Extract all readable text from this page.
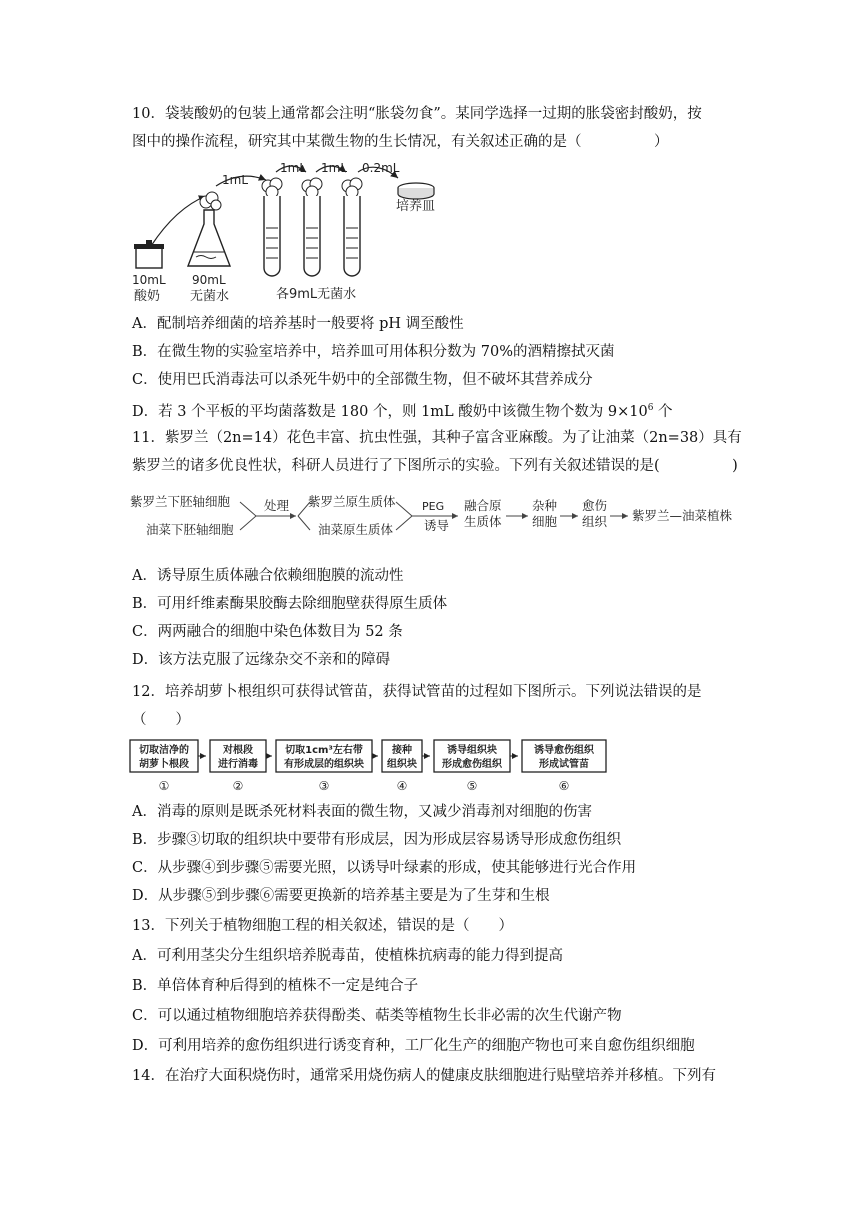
10．袋装酸奶的包装上通常都会注明“胀袋勿食”。某同学选择一过期的胀袋密封酸奶，按
图中的操作流程，研究其中某微生物的生长情况，有关叙述正确的是（　　　　　）
1mL
1mL 1mL 0.2mL
培养皿
10mL
酸奶
90mL
无菌水	各9mL无菌水
A．配制培养细菌的培养基时一般要将 pH 调至酸性
B．在微生物的实验室培养中，培养皿可用体积分数为 70%的酒精擦拭灭菌
C．使用巴氏消毒法可以杀死牛奶中的全部微生物，但不破坏其营养成分
D．若 3 个平板的平均菌落数是 180 个，则 1mL 酸奶中该微生物个数为 $9\times 10^6$ 个
11．紫罗兰（2n=14）花色丰富、抗虫性强，其种子富含亚麻酸。为了让油菜（2n=38）具有
紫罗兰的诸多优良性状，科研人员进行了下图所示的实验。下列有关叙述错误的是(　　　　　)
紫罗兰下胚轴细胞
油菜下胚轴细胞
处理 紫罗兰原生质体
油菜原生质体
PEG
诱导
融合原
生质体
杂种
细胞
愈伤
组织 紫罗兰—油菜植株
A．诱导原生质体融合依赖细胞膜的流动性
B．可用纤维素酶果胶酶去除细胞壁获得原生质体
C．两两融合的细胞中染色体数目为 52 条
D．该方法克服了远缘杂交不亲和的障碍
12．培养胡萝卜根组织可获得试管苗，获得试管苗的过程如下图所示。下列说法错误的是
（　　）
切取洁净的
胡萝卜根段
①
对根段
进行消毒
②
切取1cm³左右带
有形成层的组织块
③
接种
组织块
④
诱导组织块
形成愈伤组织
⑤
诱导愈伤组织
形成试管苗
⑥
A．消毒的原则是既杀死材料表面的微生物，又减少消毒剂对细胞的伤害
B．步骤③切取的组织块中要带有形成层，因为形成层容易诱导形成愈伤组织
C．从步骤④到步骤⑤需要光照，以诱导叶绿素的形成，使其能够进行光合作用
D．从步骤⑤到步骤⑥需要更换新的培养基主要是为了生芽和生根
13．下列关于植物细胞工程的相关叙述，错误的是（　　）
A．可利用茎尖分生组织培养脱毒苗，使植株抗病毒的能力得到提高
B．单倍体育种后得到的植株不一定是纯合子
C．可以通过植物细胞培养获得酚类、萜类等植物生长非必需的次生代谢产物
D．可利用培养的愈伤组织进行诱变育种，工厂化生产的细胞产物也可来自愈伤组织细胞
14．在治疗大面积烧伤时，通常采用烧伤病人的健康皮肤细胞进行贴壁培养并移植。下列有
